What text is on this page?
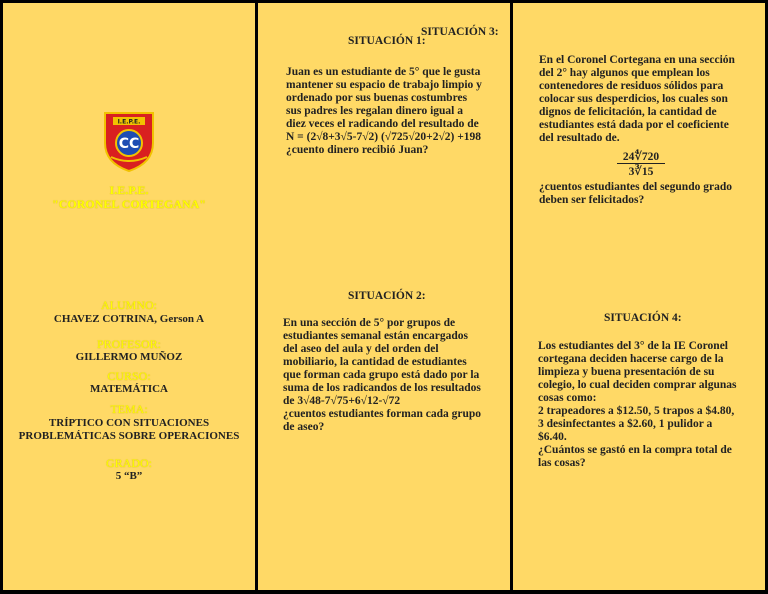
I.E.P.E.
CC
I.E.P.E.
"CORONEL CORTEGANA"
ALUMNO:
CHAVEZ COTRINA, Gerson A
PROFESOR:
GILLERMO MUÑOZ
CURSO:
MATEMÁTICA
TEMA:
TRÍPTICO CON SITUACIONES
PROBLEMÁTICAS SOBRE OPERACIONES
GRADO:
5 “B”
SITUACIÓN 1:
SITUACIÓN 3:
Juan es un estudiante de 5° que le gusta
mantener su espacio de trabajo limpio y
ordenado por sus buenas costumbres
sus padres les regalan dinero igual a
diez veces el radicando del resultado de
N = (2√8+3√5-7√2) (√725√20+2√2) +198
¿cuento dinero recibió Juan?
SITUACIÓN 2:
En una sección de 5° por grupos de
estudiantes semanal están encargados
del aseo del aula y del orden del
mobiliario, la cantidad de estudiantes
que forman cada grupo está dado por la
suma de los radicandos de los resultados
de 3√48-7√75+6√12-√72
¿cuentos estudiantes forman cada grupo
de aseo?
En el Coronel Cortegana en una sección
del 2° hay algunos que emplean los
contenedores de residuos sólidos para
colocar sus desperdicios, los cuales son
dignos de felicitación, la cantidad de
estudiantes está dada por el coeficiente
del resultado de.
$\frac{24∜720}{3∛15}$
¿cuentos estudiantes del segundo grado
deben ser felicitados?
SITUACIÓN 4:
Los estudiantes del 3° de la IE Coronel
cortegana deciden hacerse cargo de la
limpieza y buena presentación de su
colegio, lo cual deciden comprar algunas
cosas como:
2 trapeadores a $12.50, 5 trapos a $4.80,
3 desinfectantes a $2.60, 1 pulidor a
$6.40.
¿Cuántos se gastó en la compra total de
las cosas?
